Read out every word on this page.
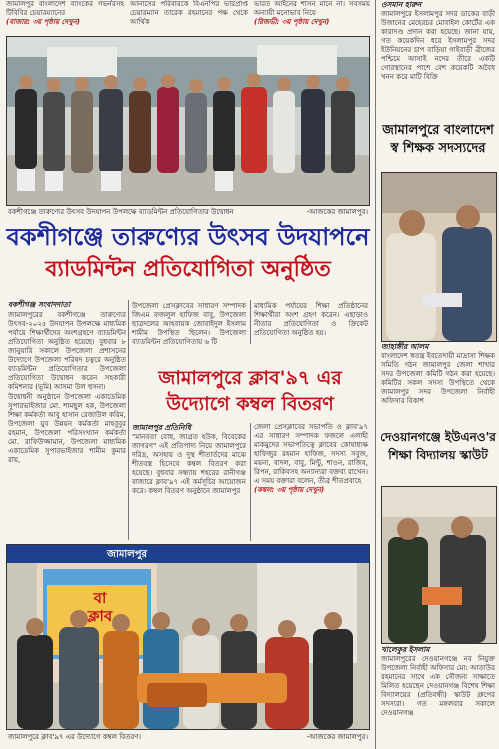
জামালপুর বাংলাদেশ ব্যাংকের গভর্নরসহ টিবিবির চেয়ারম্যানের
(বাজার: ৩য় পৃষ্ঠায় দেখুন)
আনাসের পরিবারকে বিএনপির ভারপ্রাপ্ত চেয়ারম্যান তারেক রহমানের পক্ষ থেকে আর্থিক
ভারত আইনের শাসন মানে না। সবসময় অন্যায়ী মনোভাব নিয়ে
(রিজভী: ৩য় পৃষ্ঠায় দেখুন)
বকশীগঞ্জে তারুণ্যের উৎসব উদযাপন উপলক্ষে ব্যাডমিন্টন প্রতিযোগিতার উদ্বোধন	-আজকের জামালপুর।
বকশীগঞ্জে তারুণ্যের উৎসব উদযাপনে
ব্যাডমিন্টন প্রতিযোগিতা অনুষ্ঠিত
বকশীগঞ্জ সংবাদদাতা

জামালপুরের বকশীগঞ্জে তারুণ্যের উৎসব-২০২৫ উদযাপন উপলক্ষে মাধ্যমিক পর্যায়ে শিক্ষার্থীদের অংশগ্রহণে ব্যাডমিন্টন প্রতিযোগিতা অনুষ্ঠিত হয়েছে। বুধবার ৮ জানুয়ারি সকালে উপজেলা প্রশাসনের উদ্যোগে উপজেলা পরিষদ চত্বরে অনুষ্ঠিত ব্যাডমিন্টন প্রতিযোগিতার উপজেলা প্রতিযোগিতা উদ্বোধন করেন সহকারী কমিশনার (ভূমি) আসমা উল হুসনা।

উদ্বোধনী অনুষ্ঠানে উপজেলা একাডেমিক সুপারভাইজার মো. শামছুল হক, উপজেলা শিক্ষা কর্মকর্তা আবু হাসান রেজাউল করিম, উপজেলা যুব উন্নয়ন কর্মকর্তা মাহবুবুর রহমান, উপজেলা পরিসংখ্যান কর্মকর্তা মো. রাফিউজ্জামান, উপজেলা মাধ্যমিক একাডেমিক সুপারভাইজার শামীম কুমার রায়,

উপজেলা প্রেসক্লাবের সাধারণ সম্পাদক জিএম ফজলুল হাফিজ বাবু, উপজেলা ছাত্রদলের আহবায়ক জোবাইদুল ইসলাম শামীম উপস্থিত ছিলেন। উপজেলা ব্যাডমিন্টন প্রতিযোগিতায় ৬ টি
মাধ্যমিক পর্যায়ের শিক্ষা প্রতিষ্ঠানের শিক্ষার্থীরা অংশ গ্রহণ করেন। এছাড়াও নীতার প্রতিযোগিতা ও ক্রিকেট প্রতিযোগিতা অনুষ্ঠিত হয়।
জামালপুরে ক্লাব'৯৭ এর
উদ্যোগে কম্বল বিতরণ
জামালপুর প্রতিনিধি
"মানবতা বোধ, জাগ্রত হউক, বিবেকের জাগরণ" এই প্রতিপাদ্য নিয়ে জামালপুরে দরিদ্র, অসহায় ও দুস্থ শীতার্তদের মাঝে শীতবস্ত্র হিসেবে কম্বল বিতরণ করা হয়েছে। বুধবার সন্ধ্যায় শহরের রানীগঞ্জ বাজারে ক্লাব'৯৭ এই কর্মসূচির আয়োজন করে। কম্বল বিতরণ অনুষ্ঠানে জামালপুর
জেলা প্রেসক্লাবের সভাপতি ও ক্লাব'৯৭ এর সাধারণ সম্পাদক ফজলে এলাহী মাকমুদের সভাপতিত্বে ক্লাবের কোষাধ্যক্ষ হাফিজুর রহমান হাফিজ, সদস্য সবুজ, ময়না, বাদল, বাবু, মিন্টু, শাওন, রাজিব, রিপন, রাকিবসহ অন্যান্যরা বক্তব্য রাখেন। এ সময় বক্তারা বলেন, তীব্র শীতপ্রবাহে
(কম্বল: ৩য় পৃষ্ঠায় দেখুন)
জামালপুর
বা
ক্লাব
জামালপুরে ক্লাব'৯৭ এর উদ্যোগে কম্বল বিতরণ।	-আজকের জামালপুর।
ওসমান হারুন
জামালপুরে ইসলামপুর সদর ডাকের বাড়ী উজানের মেহেরচর মোবাইল কোর্টের এক কারাদণ্ড প্রদান করা হয়েছে। জানা যায়, গত কয়েকদিন ধরে ইসলামপুর সদর ইউনিয়নের চাপ বাড়িয়া গাইবাড়ী ব্রীজের পশ্চিমে আসাই নদের তীরে একটি গোরস্থানের পাশে বেশ কয়েকটি অবৈধ খনন করে মাটি বিক্রি
জামালপুরে বাংলাদেশ স্ব শিক্ষক সদস্যদের
জাহাঙ্গীর আলম
বাংলাদেশ স্বতন্ত্র ইবতেদায়ী মাদ্রাসা শিক্ষক সমিতি গঠন জামালপুর জেলা শাখার সদর উপজেলা কমিটি গঠন করা হয়েছে। কমিটির সকল সদস্য উপস্থিতে থেকে জামালপুর সদর উপজেলা নির্বাহী অফিসার বিকাশ
দেওয়ানগঞ্জে ইউএনও'র শিক্ষা বিদ্যালয় স্কাউট
খালেকুর ইসলাম
জামালপুরের দেওয়ানগঞ্জে নব নিযুক্ত উপজেলা নির্বাহী অফিসার মো: আতাউর রহমানের সাথে এক সৌজন্য সাক্ষাতে মিলিত হয়েছেন দেওয়ানগঞ্জ বিশেষ শিক্ষা বিদ্যালয়ের (প্রতিবন্ধী) স্কাউট গ্রুপের সদস্যরা। গত মঙ্গলবার সকালে দেওয়ানগঞ্জ
